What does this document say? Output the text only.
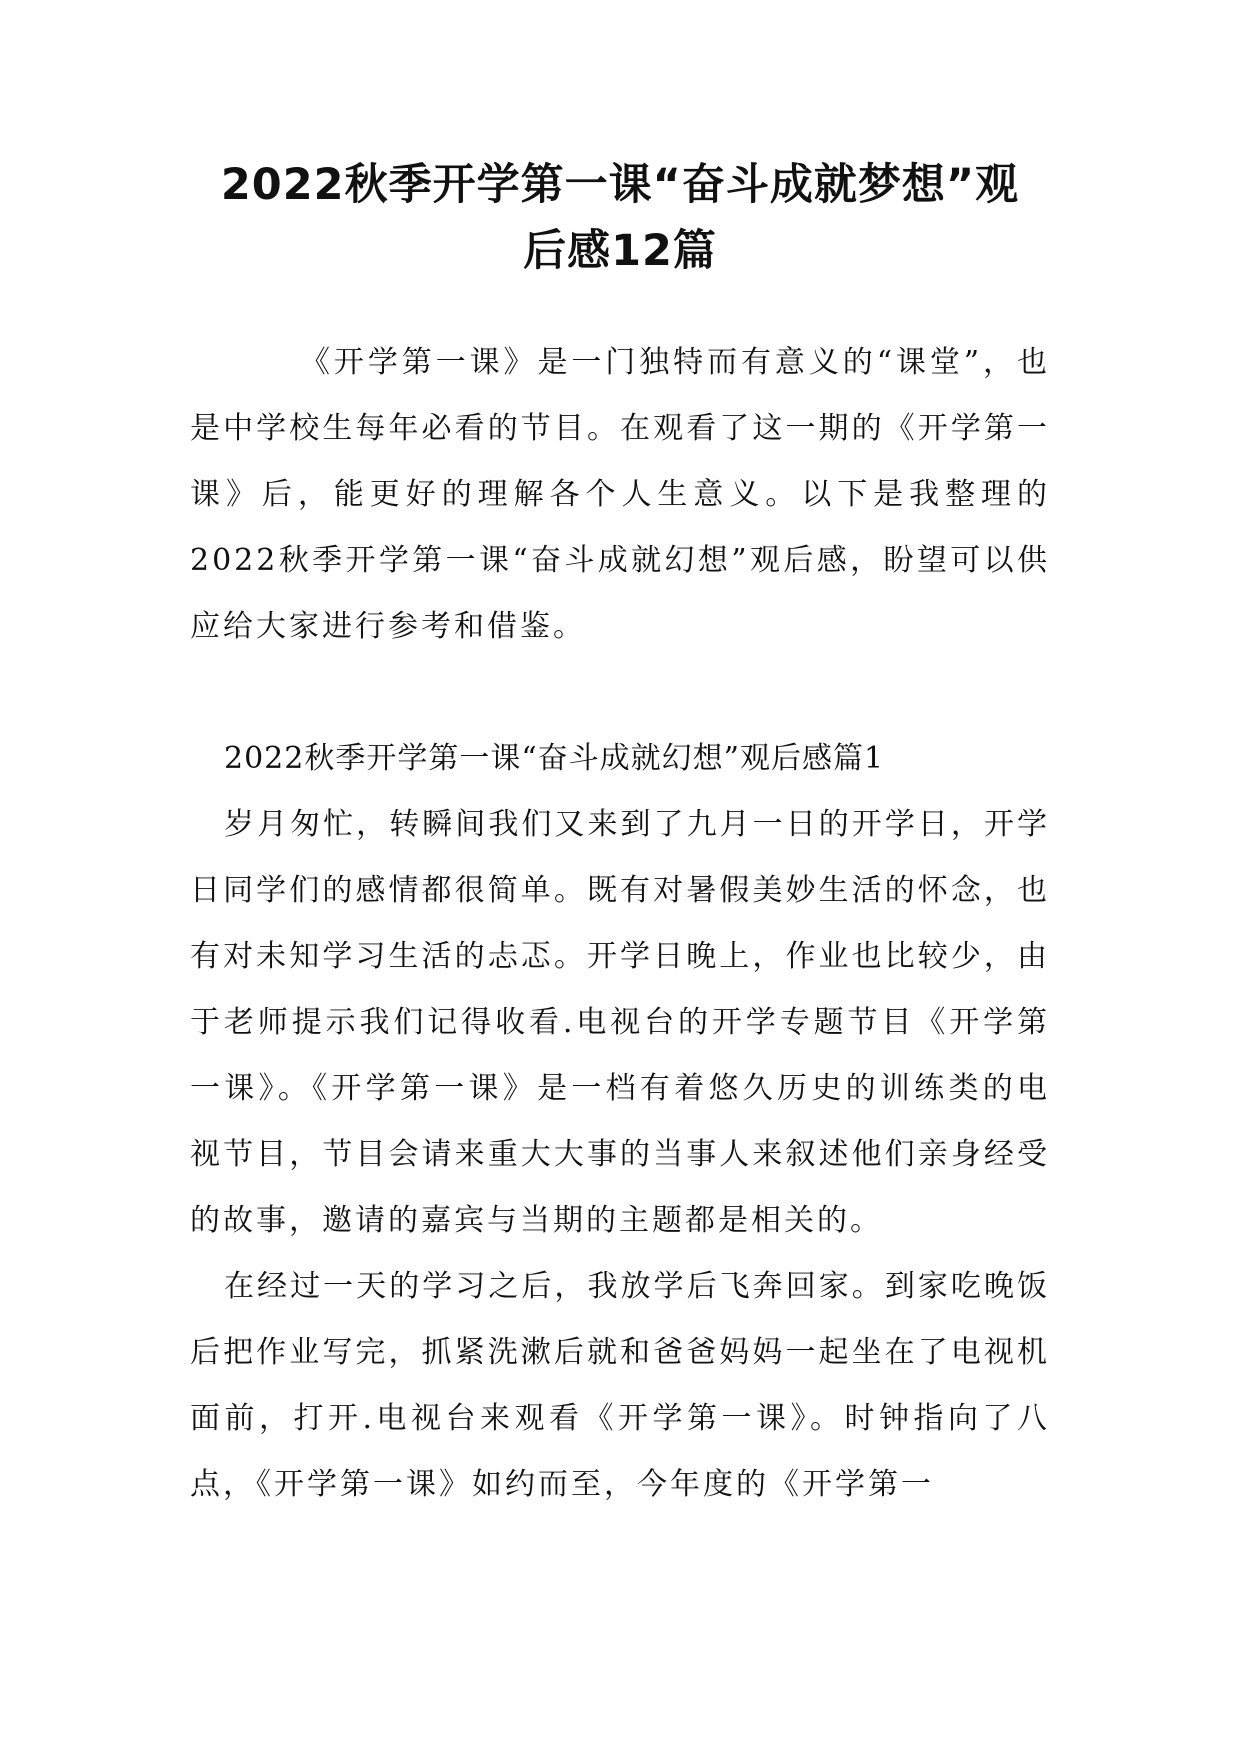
2022秋季开学第一课“奋斗成就梦想”观
后感12篇

《开学第一课》是一门独特而有意义的“课堂”，也是中学校生每年必看的节目。在观看了这一期的《开学第一课》后，能更好的理解各个人生意义。以下是我整理的2022秋季开学第一课“奋斗成就幻想”观后感，盼望可以供应给大家进行参考和借鉴。

2022秋季开学第一课“奋斗成就幻想”观后感篇1

岁月匆忙，转瞬间我们又来到了九月一日的开学日，开学日同学们的感情都很简单。既有对暑假美妙生活的怀念，也有对未知学习生活的忐忑。开学日晚上，作业也比较少，由于老师提示我们记得收看.电视台的开学专题节目《开学第一课》。《开学第一课》是一档有着悠久历史的训练类的电视节目，节目会请来重大大事的当事人来叙述他们亲身经受的故事，邀请的嘉宾与当期的主题都是相关的。

在经过一天的学习之后，我放学后飞奔回家。到家吃晚饭后把作业写完，抓紧洗漱后就和爸爸妈妈一起坐在了电视机面前，打开.电视台来观看《开学第一课》。时钟指向了八点，《开学第一课》如约而至，今年度的《开学第一
